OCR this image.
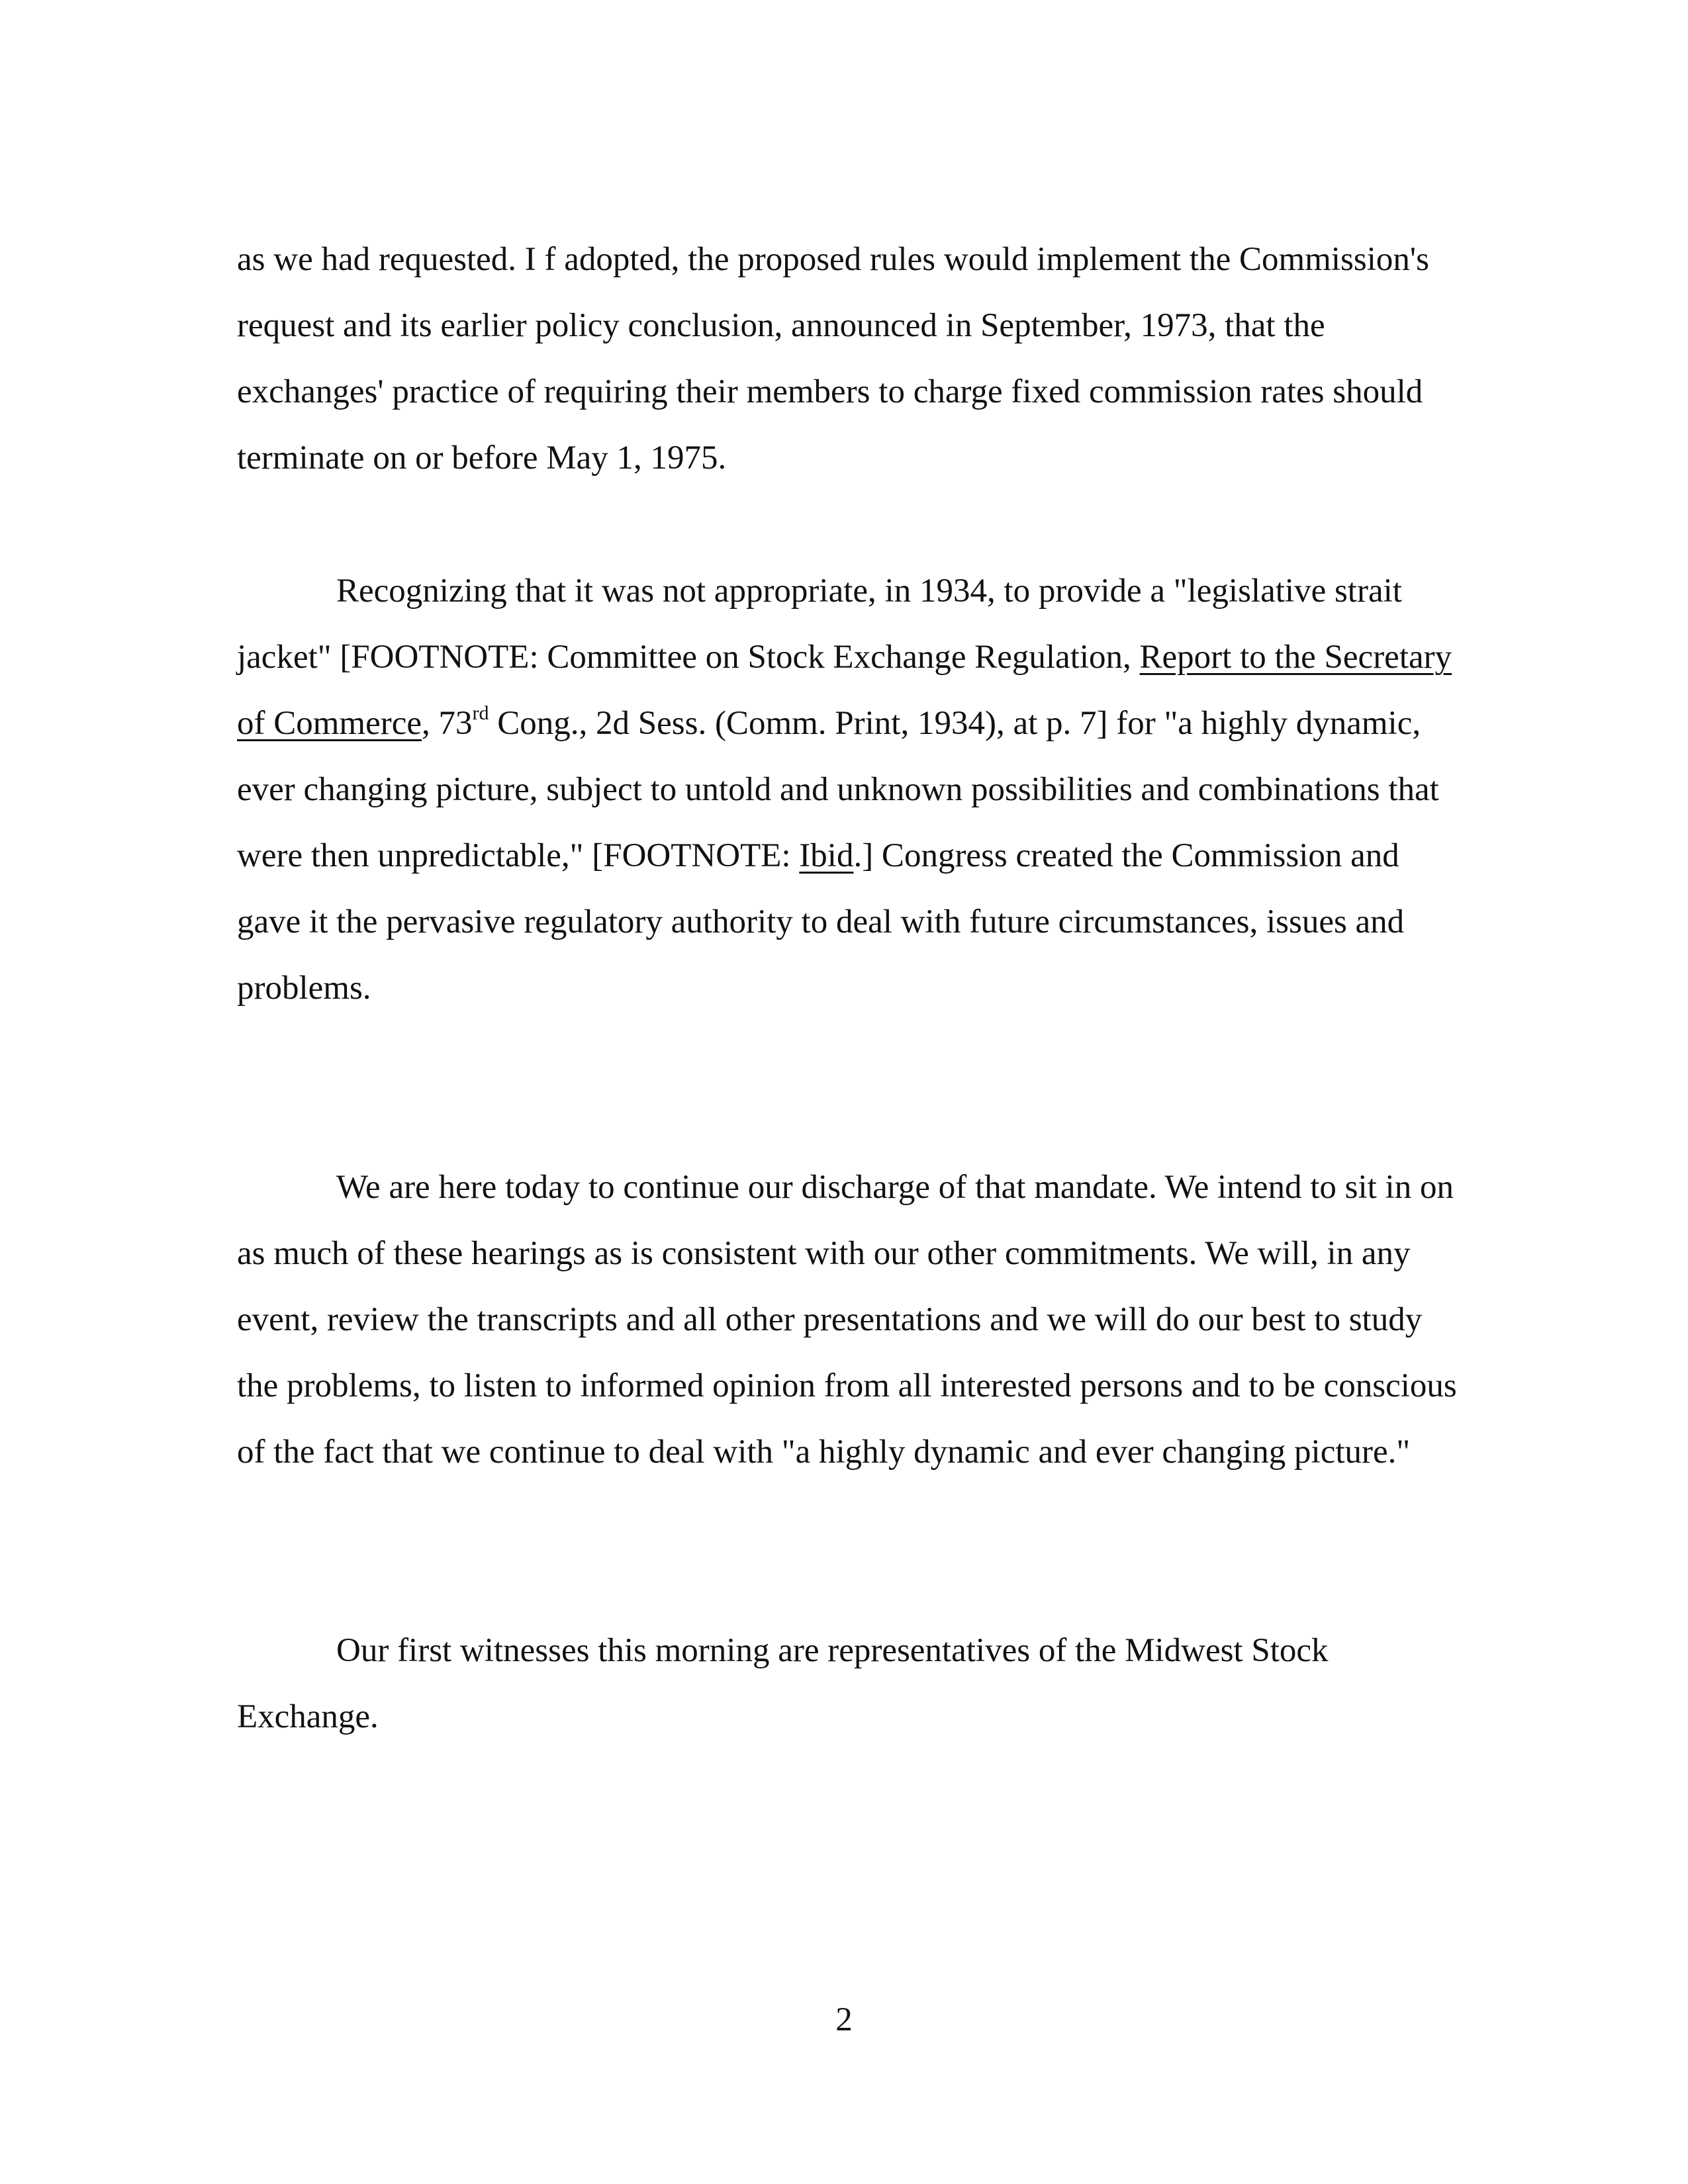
as we had requested. I f adopted, the proposed rules would implement the Commission's request and its earlier policy conclusion, announced in September, 1973, that the exchanges' practice of requiring their members to charge fixed commission rates should terminate on or before May 1, 1975.

Recognizing that it was not appropriate, in 1934, to provide a "legislative strait jacket" [FOOTNOTE: Committee on Stock Exchange Regulation, Report to the Secretary of Commerce, 73rd Cong., 2d Sess. (Comm. Print, 1934), at p. 7] for "a highly dynamic, ever changing picture, subject to untold and unknown possibilities and combinations that were then unpredictable," [FOOTNOTE: Ibid.] Congress created the Commission and gave it the pervasive regulatory authority to deal with future circumstances, issues and problems.

We are here today to continue our discharge of that mandate. We intend to sit in on as much of these hearings as is consistent with our other commitments. We will, in any event, review the transcripts and all other presentations and we will do our best to study the problems, to listen to informed opinion from all interested persons and to be conscious of the fact that we continue to deal with "a highly dynamic and ever changing picture."

Our first witnesses this morning are representatives of the Midwest Stock Exchange.

2
